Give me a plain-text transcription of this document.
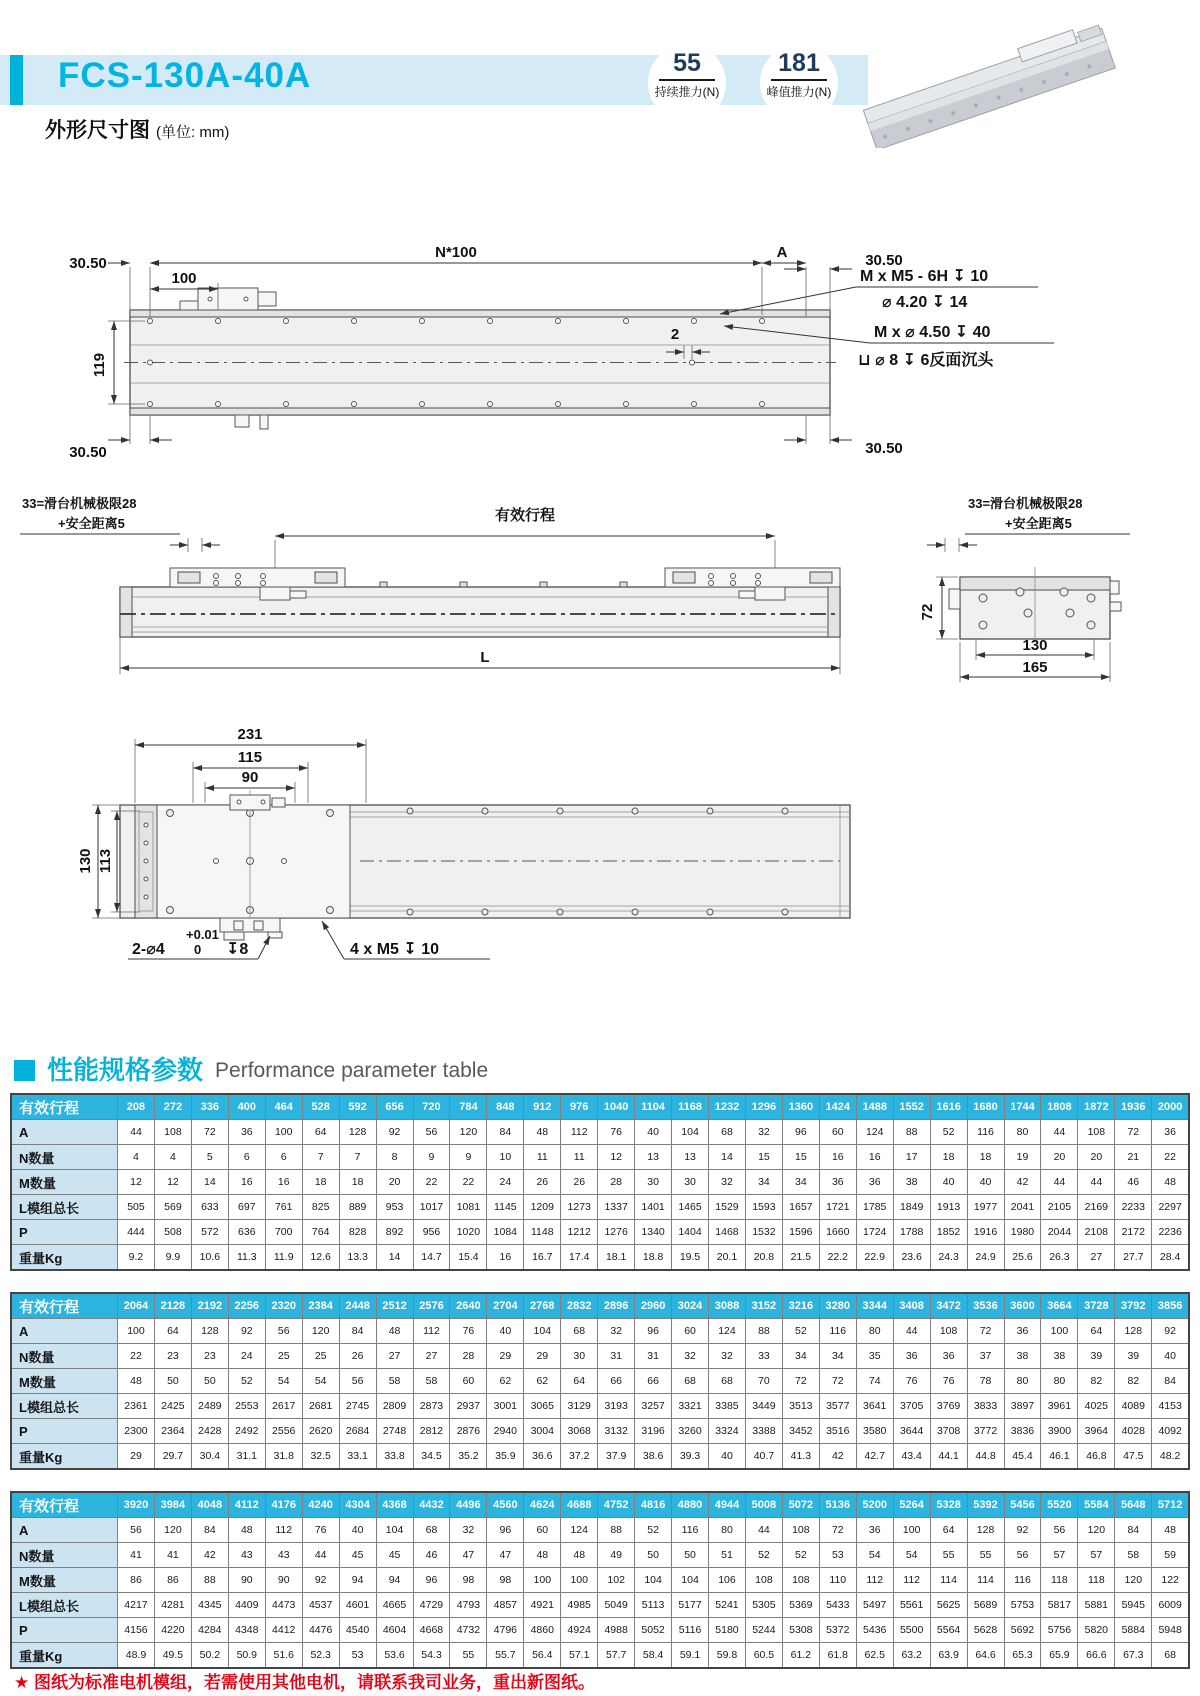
FCS-130A-40A	55
持续推力(N)
181
峰值推力(N)
外形尺寸图 (单位: mm)
30.50
100
N*100	A	30.50
119
30.50	30.50
2
M x M5 - 6H ↧ 10
⌀ 4.20 ↧ 14
M x ⌀ 4.50 ↧ 40
⊔ ⌀ 8 ↧ 6反面沉头
33=滑台机械极限28
+安全距离5
33=滑台机械极限28
+安全距离5
有效行程
L
72
130
165
231
115
90
130 113
2-⌀4
+0.01
0 ↧8	4 x M5 ↧ 10
性能规格参数 Performance parameter table
有效行程	208	272	336	400	464	528	592	656	720	784	848	912	976	1040	1104	1168	1232	1296	1360	1424	1488	1552	1616	1680	1744	1808	1872	1936	2000
A	44	108	72	36	100	64	128	92	56	120	84	48	112	76	40	104	68	32	96	60	124	88	52	116	80	44	108	72	36
N数量	4	4	5	6	6	7	7	8	9	9	10	11	11	12	13	13	14	15	15	16	16	17	18	18	19	20	20	21	22
M数量	12	12	14	16	16	18	18	20	22	22	24	26	26	28	30	30	32	34	34	36	36	38	40	40	42	44	44	46	48
L模组总长	505	569	633	697	761	825	889	953	1017	1081	1145	1209	1273	1337	1401	1465	1529	1593	1657	1721	1785	1849	1913	1977	2041	2105	2169	2233	2297
P	444	508	572	636	700	764	828	892	956	1020	1084	1148	1212	1276	1340	1404	1468	1532	1596	1660	1724	1788	1852	1916	1980	2044	2108	2172	2236
重量Kg	9.2	9.9	10.6	11.3	11.9	12.6	13.3	14	14.7	15.4	16	16.7	17.4	18.1	18.8	19.5	20.1	20.8	21.5	22.2	22.9	23.6	24.3	24.9	25.6	26.3	27	27.7	28.4
有效行程	2064	2128	2192	2256	2320	2384	2448	2512	2576	2640	2704	2768	2832	2896	2960	3024	3088	3152	3216	3280	3344	3408	3472	3536	3600	3664	3728	3792	3856
A	100	64	128	92	56	120	84	48	112	76	40	104	68	32	96	60	124	88	52	116	80	44	108	72	36	100	64	128	92
N数量	22	23	23	24	25	25	26	27	27	28	29	29	30	31	31	32	32	33	34	34	35	36	36	37	38	38	39	39	40
M数量	48	50	50	52	54	54	56	58	58	60	62	62	64	66	66	68	68	70	72	72	74	76	76	78	80	80	82	82	84
L模组总长	2361	2425	2489	2553	2617	2681	2745	2809	2873	2937	3001	3065	3129	3193	3257	3321	3385	3449	3513	3577	3641	3705	3769	3833	3897	3961	4025	4089	4153
P	2300	2364	2428	2492	2556	2620	2684	2748	2812	2876	2940	3004	3068	3132	3196	3260	3324	3388	3452	3516	3580	3644	3708	3772	3836	3900	3964	4028	4092
重量Kg	29	29.7	30.4	31.1	31.8	32.5	33.1	33.8	34.5	35.2	35.9	36.6	37.2	37.9	38.6	39.3	40	40.7	41.3	42	42.7	43.4	44.1	44.8	45.4	46.1	46.8	47.5	48.2
有效行程	3920	3984	4048	4112	4176	4240	4304	4368	4432	4496	4560	4624	4688	4752	4816	4880	4944	5008	5072	5136	5200	5264	5328	5392	5456	5520	5584	5648	5712
A	56	120	84	48	112	76	40	104	68	32	96	60	124	88	52	116	80	44	108	72	36	100	64	128	92	56	120	84	48
N数量	41	41	42	43	43	44	45	45	46	47	47	48	48	49	50	50	51	52	52	53	54	54	55	55	56	57	57	58	59
M数量	86	86	88	90	90	92	94	94	96	98	98	100	100	102	104	104	106	108	108	110	112	112	114	114	116	118	118	120	122
L模组总长	4217	4281	4345	4409	4473	4537	4601	4665	4729	4793	4857	4921	4985	5049	5113	5177	5241	5305	5369	5433	5497	5561	5625	5689	5753	5817	5881	5945	6009
P	4156	4220	4284	4348	4412	4476	4540	4604	4668	4732	4796	4860	4924	4988	5052	5116	5180	5244	5308	5372	5436	5500	5564	5628	5692	5756	5820	5884	5948
重量Kg	48.9	49.5	50.2	50.9	51.6	52.3	53	53.6	54.3	55	55.7	56.4	57.1	57.7	58.4	59.1	59.8	60.5	61.2	61.8	62.5	63.2	63.9	64.6	65.3	65.9	66.6	67.3	68
★ 图纸为标准电机模组，若需使用其他电机，请联系我司业务，重出新图纸。
